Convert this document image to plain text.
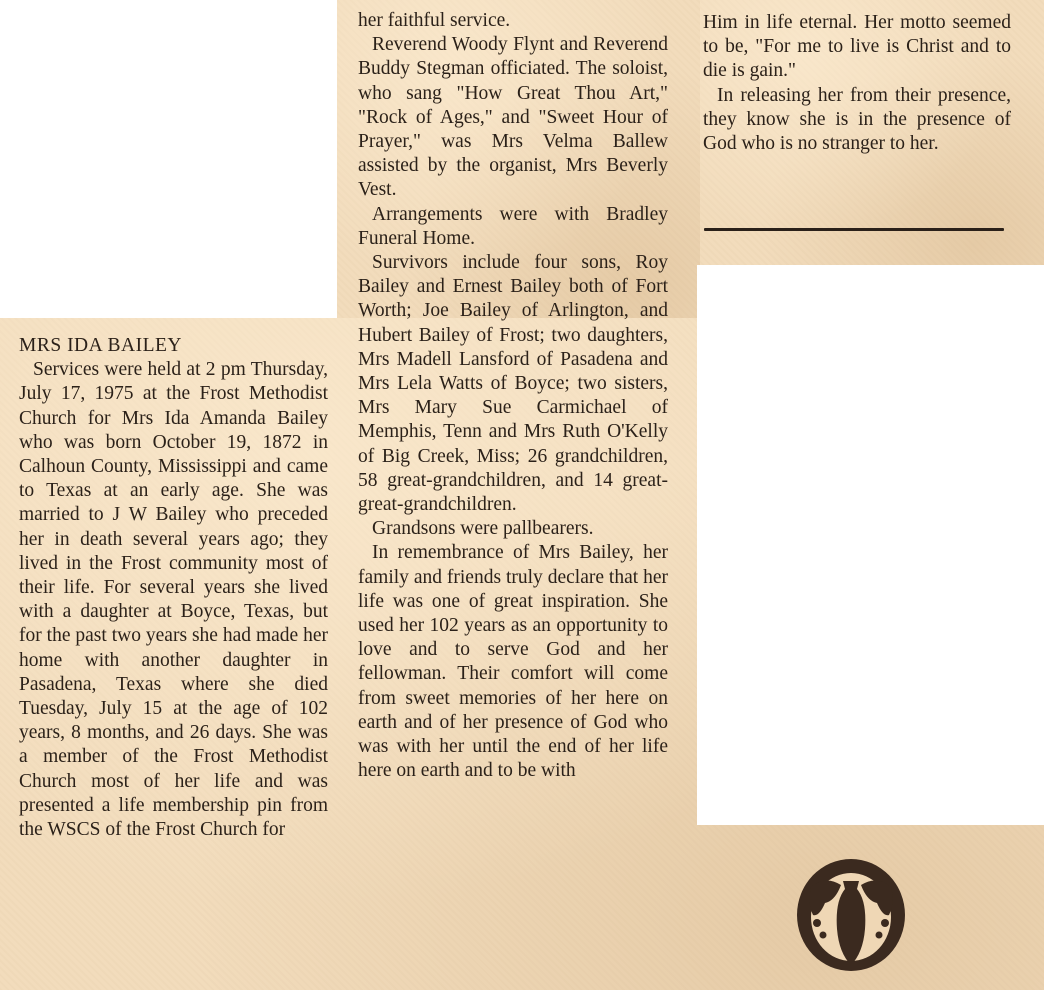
MRS IDA BAILEY

Services were held at 2 pm Thursday, July 17, 1975 at the Frost Methodist Church for Mrs Ida Amanda Bailey who was born October 19, 1872 in Calhoun County, Mississippi and came to Texas at an early age. She was married to J W Bailey who preceded her in death several years ago; they lived in the Frost community most of their life. For several years she lived with a daughter at Boyce, Texas, but for the past two years she had made her home with another daughter in Pasadena, Texas where she died Tuesday, July 15 at the age of 102 years, 8 months, and 26 days. She was a member of the Frost Methodist Church most of her life and was presented a life membership pin from the WSCS of the Frost Church for

her faithful service.

Reverend Woody Flynt and Reverend Buddy Stegman officiated. The soloist, who sang "How Great Thou Art," "Rock of Ages," and "Sweet Hour of Prayer," was Mrs Velma Ballew assisted by the organist, Mrs Beverly Vest.

Arrangements were with Bradley Funeral Home.

Survivors include four sons, Roy Bailey and Ernest Bailey both of Fort Worth; Joe Bailey of Arlington, and Hubert Bailey of Frost; two daughters, Mrs Madell Lansford of Pasadena and Mrs Lela Watts of Boyce; two sisters, Mrs Mary Sue Carmichael of Memphis, Tenn and Mrs Ruth O'Kelly of Big Creek, Miss; 26 grandchildren, 58 great-grandchildren, and 14 great-great-grandchildren.

Grandsons were pallbearers.

In remembrance of Mrs Bailey, her family and friends truly declare that her life was one of great inspiration. She used her 102 years as an opportunity to love and to serve God and her fellowman. Their comfort will come from sweet memories of her here on earth and of her presence of God who was with her until the end of her life here on earth and to be with

Him in life eternal. Her motto seemed to be, "For me to live is Christ and to die is gain."

In releasing her from their presence, they know she is in the presence of God who is no stranger to her.
